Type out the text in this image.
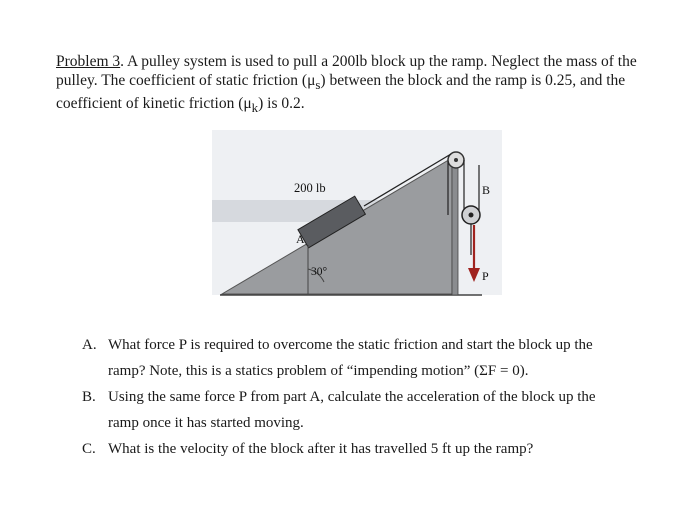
Problem 3. A pulley system is used to pull a 200lb block up the ramp. Neglect the mass of the pulley. The coefficient of static friction $(\mu_s)$ between the block and the ramp is 0.25, and the coefficient of kinetic friction $(\mu_k)$ is 0.2.

200 lb
A
B
30°	P
A. What force P is required to overcome the static friction and start the block up the
ramp? Note, this is a statics problem of “impending motion” (ΣF = 0).
B. Using the same force P from part A, calculate the acceleration of the block up the
ramp once it has started moving.
C. What is the velocity of the block after it has travelled 5 ft up the ramp?
